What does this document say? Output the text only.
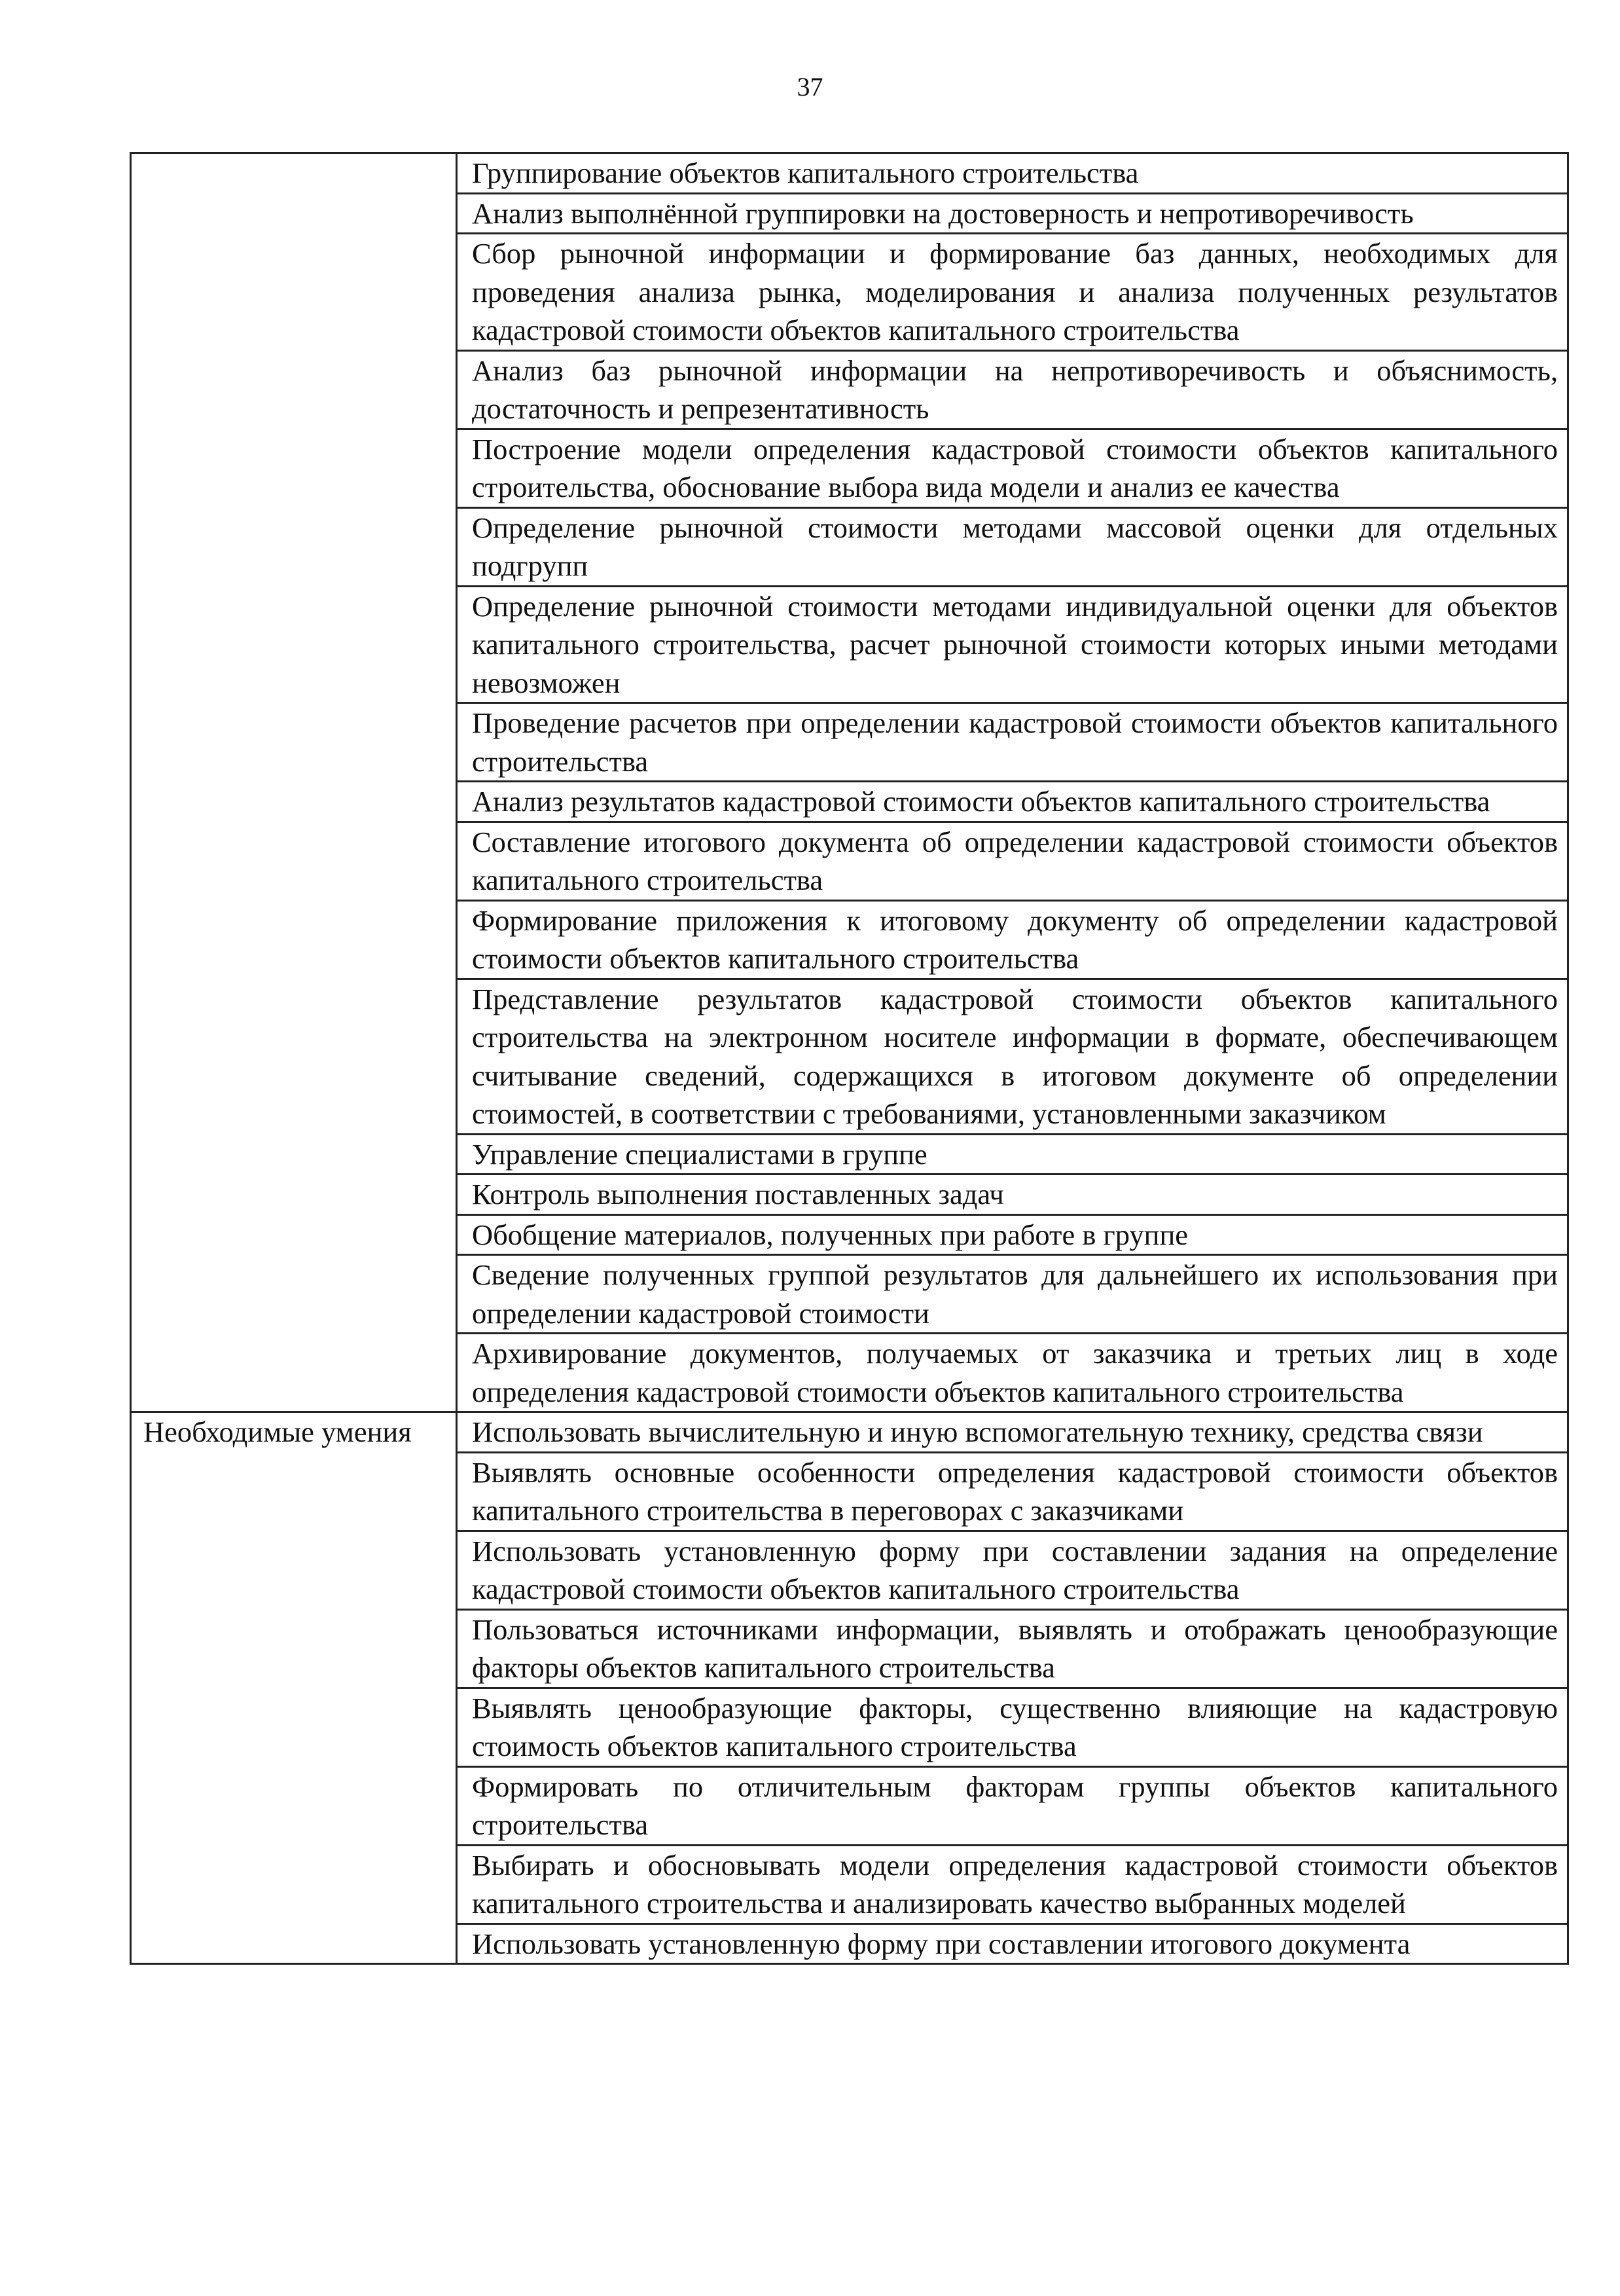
37
	Группирование объектов капитального строительства
	Анализ выполнённой группировки на достоверность и непротиворечивость
	Сбор рыночной информации и формирование баз данных, необходимых для проведения анализа рынка, моделирования и анализа полученных результатов кадастровой стоимости объектов капитального строительства
	Анализ баз рыночной информации на непротиворечивость и объяснимость, достаточность и репрезентативность
	Построение модели определения кадастровой стоимости объектов капитального строительства, обоснование выбора вида модели и анализ ее качества
	Определение рыночной стоимости методами массовой оценки для отдельных подгрупп
	Определение рыночной стоимости методами индивидуальной оценки для объектов капитального строительства, расчет рыночной стоимости которых иными методами невозможен
	Проведение расчетов при определении кадастровой стоимости объектов капитального строительства
	Анализ результатов кадастровой стоимости объектов капитального строительства
	Составление итогового документа об определении кадастровой стоимости объектов капитального строительства
	Формирование приложения к итоговому документу об определении кадастровой стоимости объектов капитального строительства
	Представление результатов кадастровой стоимости объектов капитального строительства на электронном носителе информации в формате, обеспечивающем считывание сведений, содержащихся в итоговом документе об определении стоимостей, в соответствии с требованиями, установленными заказчиком
	Управление специалистами в группе
	Контроль выполнения поставленных задач
	Обобщение материалов, полученных при работе в группе
	Сведение полученных группой результатов для дальнейшего их использования при определении кадастровой стоимости
	Архивирование документов, получаемых от заказчика и третьих лиц в ходе определения кадастровой стоимости объектов капитального строительства
Необходимые умения	Использовать вычислительную и иную вспомогательную технику, средства связи
	Выявлять основные особенности определения кадастровой стоимости объектов капитального строительства в переговорах с заказчиками
	Использовать установленную форму при составлении задания на определение кадастровой стоимости объектов капитального строительства
	Пользоваться источниками информации, выявлять и отображать ценообразующие факторы объектов капитального строительства
	Выявлять ценообразующие факторы, существенно влияющие на кадастровую стоимость объектов капитального строительства
	Формировать по отличительным факторам группы объектов капитального строительства
	Выбирать и обосновывать модели определения кадастровой стоимости объектов капитального строительства и анализировать качество выбранных моделей
	Использовать установленную форму при составлении итогового документа
